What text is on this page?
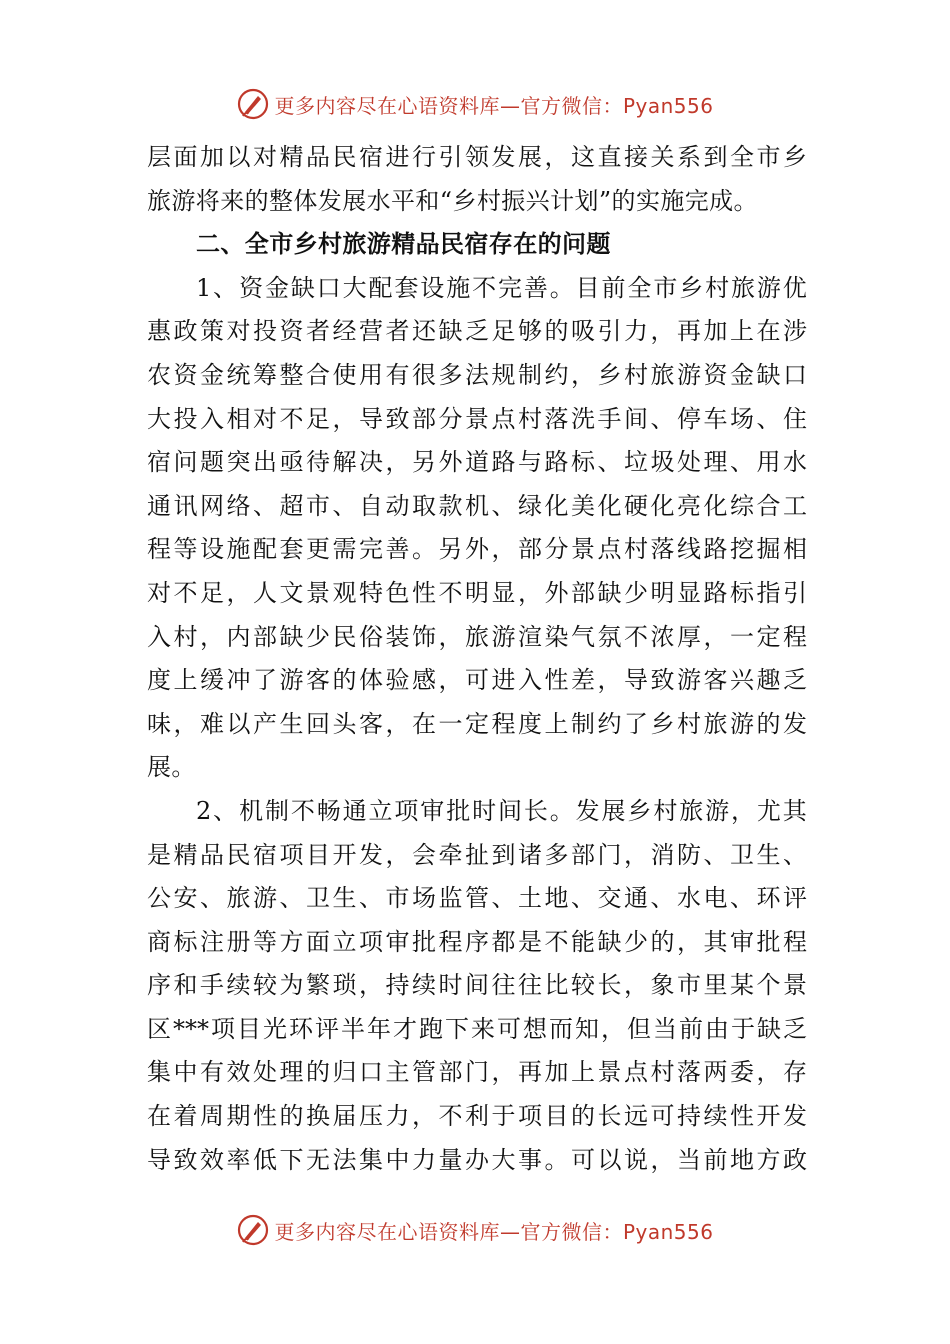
更多内容尽在心语资料库—官方微信：Pyan556
层 面 加 以 对 精 品 民 宿 进 行 引 领 发 展 ， 这 直 接 关 系 到 全 市 乡
旅游将来的整体发展水平和“乡村振兴计划”的实施完成。
二、全市乡村旅游精品民宿存在的问题
1 、 资 金 缺 口 大 配 套 设 施 不 完 善 。 目 前 全 市 乡 村 旅 游 优
惠 政 策 对 投 资 者 经 营 者 还 缺 乏 足 够 的 吸 引 力 ， 再 加 上 在 涉
农 资 金 统 筹 整 合 使 用 有 很 多 法 规 制 约 ， 乡 村 旅 游 资 金 缺 口
大 投 入 相 对 不 足 ， 导 致 部 分 景 点 村 落 洗 手 间 、 停 车 场 、 住
宿 问 题 突 出 亟 待 解 决 ， 另 外 道 路 与 路 标 、 垃 圾 处 理 、 用 水
通 讯 网 络 、 超 市 、 自 动 取 款 机 、 绿 化 美 化 硬 化 亮 化 综 合 工
程 等 设 施 配 套 更 需 完 善 。 另 外 ， 部 分 景 点 村 落 线 路 挖 掘 相
对 不 足 ， 人 文 景 观 特 色 性 不 明 显 ， 外 部 缺 少 明 显 路 标 指 引
入 村 ， 内 部 缺 少 民 俗 装 饰 ， 旅 游 渲 染 气 氛 不 浓 厚 ， 一 定 程
度 上 缓 冲 了 游 客 的 体 验 感 ， 可 进 入 性 差 ， 导 致 游 客 兴 趣 乏
味 ， 难 以 产 生 回 头 客 ， 在 一 定 程 度 上 制 约 了 乡 村 旅 游 的 发
展。
2 、 机 制 不 畅 通 立 项 审 批 时 间 长 。 发 展 乡 村 旅 游 ， 尤 其
是 精 品 民 宿 项 目 开 发 ， 会 牵 扯 到 诸 多 部 门 ， 消 防 、 卫 生 、
公 安 、 旅 游 、 卫 生 、 市 场 监 管 、 土 地 、 交 通 、 水 电 、 环 评
商 标 注 册 等 方 面 立 项 审 批 程 序 都 是 不 能 缺 少 的 ， 其 审 批 程
序 和 手 续 较 为 繁 琐 ， 持 续 时 间 往 往 比 较 长 ， 象 市 里 某 个 景
区 *** 项 目 光 环 评 半 年 才 跑 下 来 可 想 而 知 ， 但 当 前 由 于 缺 乏
集 中 有 效 处 理 的 归 口 主 管 部 门 ， 再 加 上 景 点 村 落 两 委 ， 存
在 着 周 期 性 的 换 届 压 力 ， 不 利 于 项 目 的 长 远 可 持 续 性 开 发
导 致 效 率 低 下 无 法 集 中 力 量 办 大 事 。 可 以 说 ， 当 前 地 方 政
更多内容尽在心语资料库—官方微信：Pyan556
